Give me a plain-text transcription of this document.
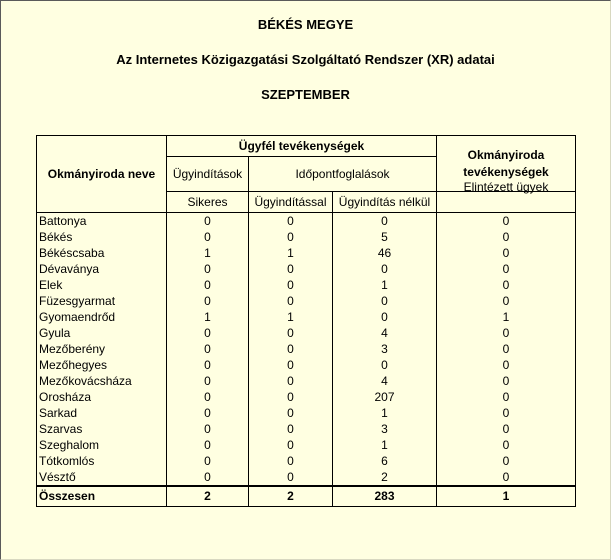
BÉKÉS MEGYE
Az Internetes Közigazgatási Szolgáltató Rendszer (XR) adatai
SZEPTEMBER
Okmányiroda neve	Ügyfél tevékenységek			Okmányiroda tevékenységek
	Ügyindítások	Időpontfoglalások		
	Sikeres	Ügyindítással	Ügyindítás nélkül	Elintézett ügyek
Battonya	0	0	0	0
Békés	0	0	5	0
Békéscsaba	1	1	46	0
Dévaványa	0	0	0	0
Elek	0	0	1	0
Füzesgyarmat	0	0	0	0
Gyomaendrőd	1	1	0	1
Gyula	0	0	4	0
Mezőberény	0	0	3	0
Mezőhegyes	0	0	0	0
Mezőkovácsháza	0	0	4	0
Orosháza	0	0	207	0
Sarkad	0	0	1	0
Szarvas	0	0	3	0
Szeghalom	0	0	1	0
Tótkomlós	0	0	6	0
Vésztő	0	0	2	0
Összesen	2	2	283	1
